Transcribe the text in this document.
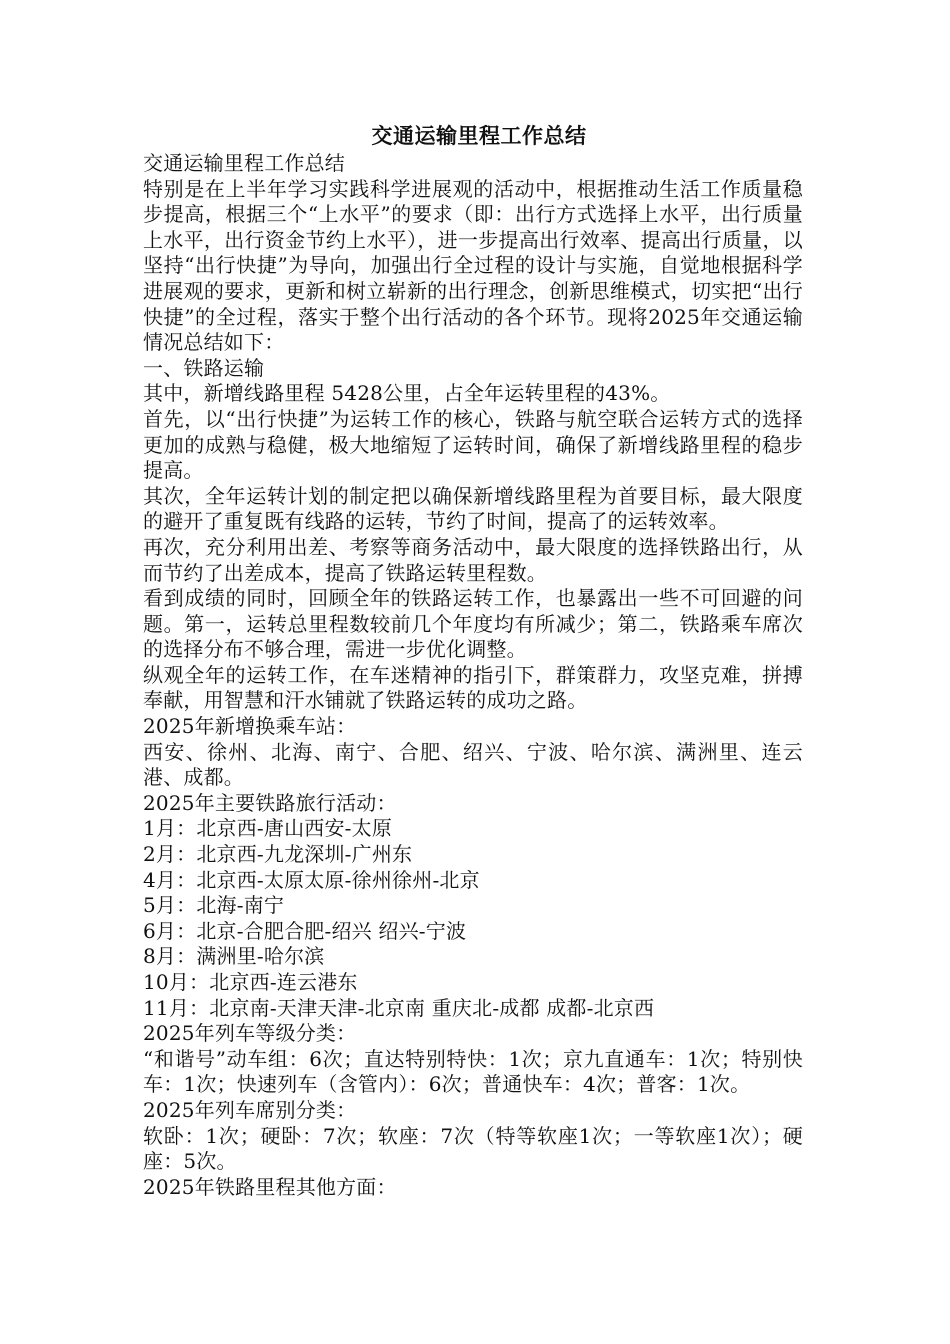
交通运输里程工作总结

交通运输里程工作总结

特别是在上半年学习实践科学进展观的活动中，根据推动生活工作质量稳步提高，根据三个“上水平”的要求（即：出行方式选择上水平，出行质量上水平，出行资金节约上水平），进一步提高出行效率、提高出行质量，以坚持“出行快捷”为导向，加强出行全过程的设计与实施，自觉地根据科学进展观的要求，更新和树立崭新的出行理念，创新思维模式，切实把“出行快捷”的全过程，落实于整个出行活动的各个环节。现将2025年交通运输情况总结如下：

一、铁路运输

其中，新增线路里程 5428公里，占全年运转里程的43%。

首先，以“出行快捷”为运转工作的核心，铁路与航空联合运转方式的选择更加的成熟与稳健，极大地缩短了运转时间，确保了新增线路里程的稳步提高。

其次，全年运转计划的制定把以确保新增线路里程为首要目标，最大限度的避开了重复既有线路的运转，节约了时间，提高了的运转效率。

再次，充分利用出差、考察等商务活动中，最大限度的选择铁路出行，从而节约了出差成本，提高了铁路运转里程数。

看到成绩的同时，回顾全年的铁路运转工作，也暴露出一些不可回避的问题。第一，运转总里程数较前几个年度均有所减少；第二，铁路乘车席次的选择分布不够合理，需进一步优化调整。

纵观全年的运转工作，在车迷精神的指引下，群策群力，攻坚克难，拼搏奉献，用智慧和汗水铺就了铁路运转的成功之路。

2025年新增换乘车站：

西安、徐州、北海、南宁、合肥、绍兴、宁波、哈尔滨、满洲里、连云港、成都。

2025年主要铁路旅行活动：

1月：北京西-唐山西安-太原

2月：北京西-九龙深圳-广州东

4月：北京西-太原太原-徐州徐州-北京

5月：北海-南宁

6月：北京-合肥合肥-绍兴 绍兴-宁波

8月：满洲里-哈尔滨

10月：北京西-连云港东

11月：北京南-天津天津-北京南 重庆北-成都 成都-北京西

2025年列车等级分类：

“和谐号”动车组：6次；直达特别特快：1次；京九直通车：1次；特别快车：1次；快速列车（含管内）：6次；普通快车：4次；普客：1次。

2025年列车席别分类：

软卧：1次；硬卧：7次；软座：7次（特等软座1次；一等软座1次）；硬座：5次。

2025年铁路里程其他方面：
